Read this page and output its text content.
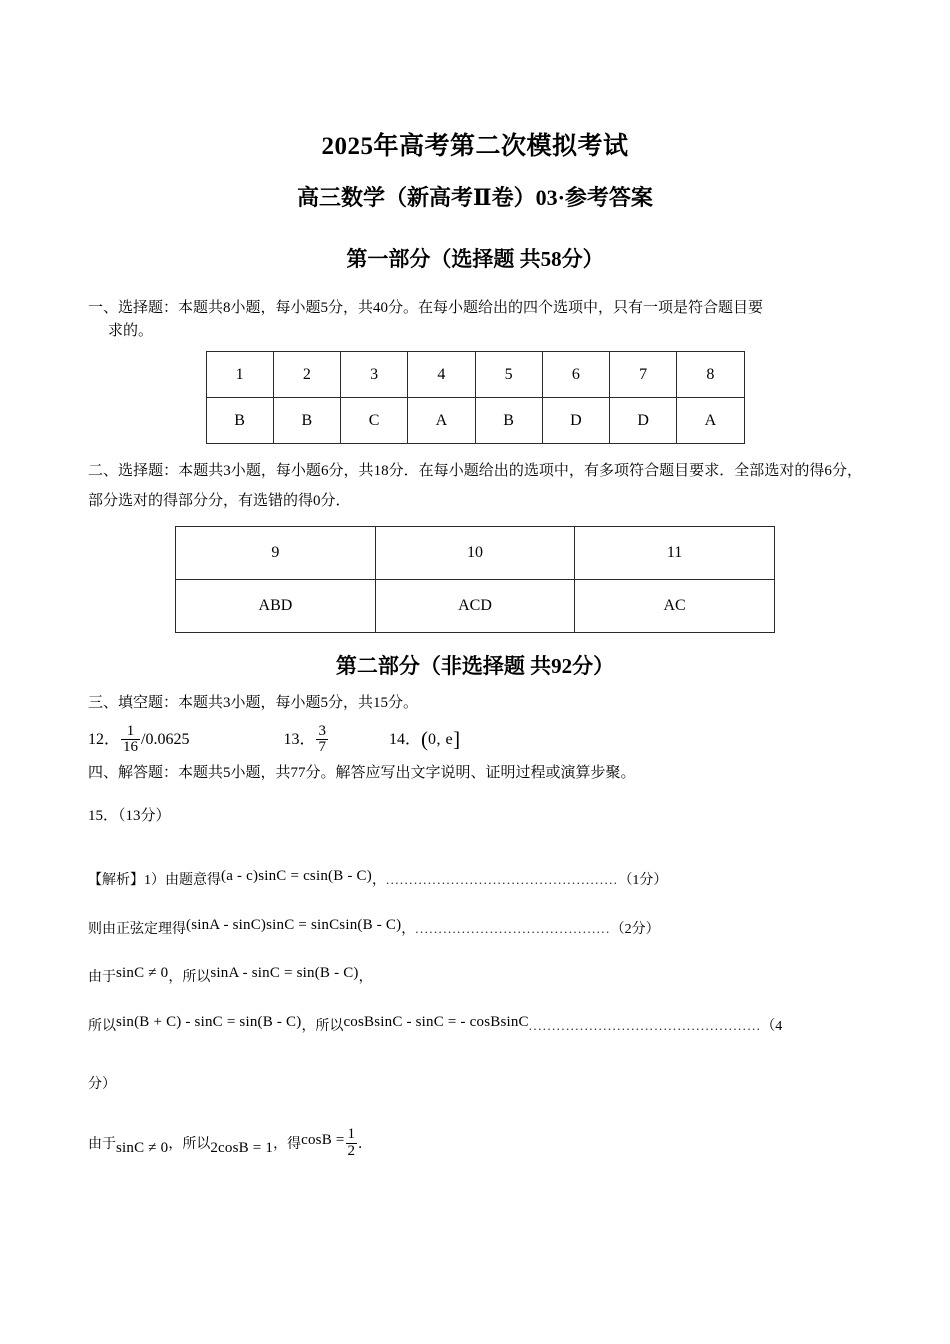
2025年高考第二次模拟考试
高三数学（新高考Ⅱ卷）03·参考答案
第一部分（选择题 共58分）

一、选择题：本题共8小题，每小题5分，共40分。在每小题给出的四个选项中，只有一项是符合题目要
求的。

1	2	3	4	5	6	7	8
B	B	C	A	B	D	D	A

二、选择题：本题共3小题，每小题6分，共18分．在每小题给出的选项中，有多项符合题目要求．全部选对的得6分，部分选对的得部分分，有选错的得0分．

9	10	11
ABD	ACD	AC
第二部分（非选择题 共92分）

三、填空题：本题共3小题，每小题5分，共15分。

12． $\frac{1}{16} /0.0625$	13． $\frac{3}{7}$	14．(0, e]

四、解答题：本题共5小题，共77分。解答应写出文字说明、证明过程或演算步聚。

15．（13分）

【解析】1）由题意得(a - c)sinC = csin(B - C)，..................................................（1分）

则由正弦定理得(sinA - sinC)sinC = sinCsin(B - C)，..........................................（2分）

由于sinC ≠ 0，所以sinA - sinC = sin(B - C)，

所以sin(B + C) - sinC = sin(B - C)，所以cosBsinC - sinC = - cosBsinC..................................................（4

分）

由于sinC ≠ 0，所以2cosB = 1，得$\cos B = \frac{1}{2}$ ．
